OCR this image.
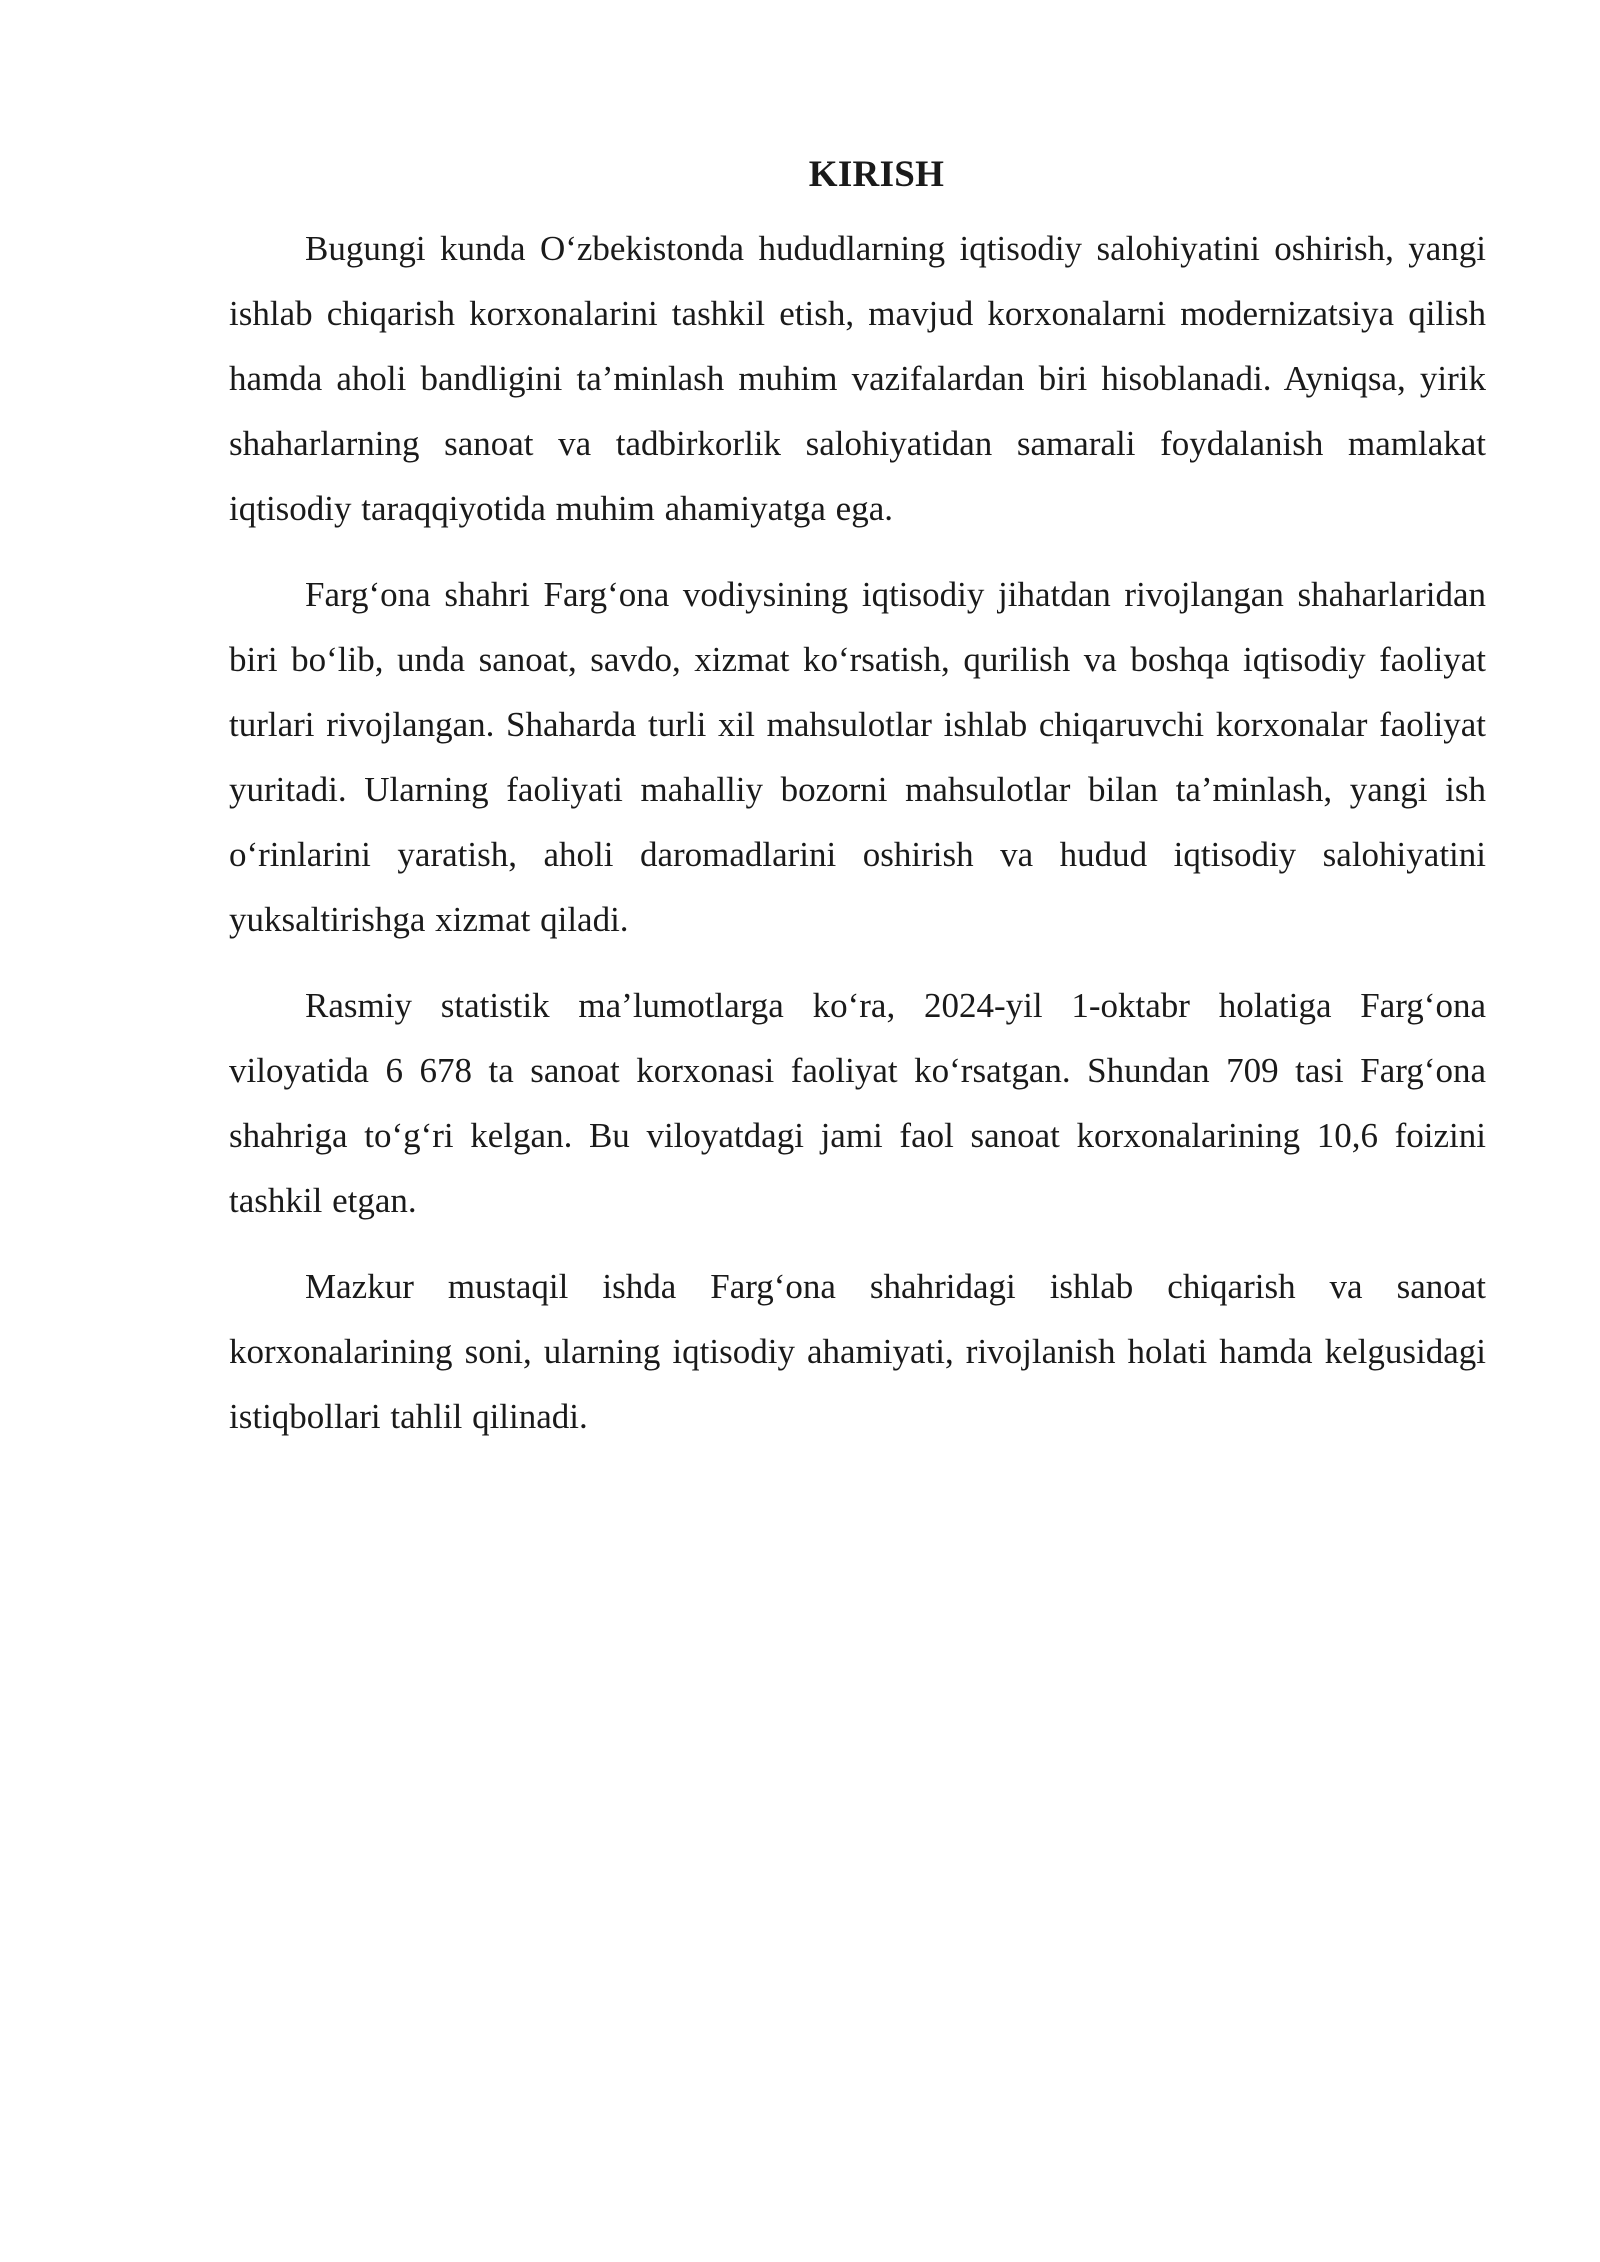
KIRISH

Bugungi kunda O‘zbekistonda hududlarning iqtisodiy salohiyatini oshirish, yangi ishlab chiqarish korxonalarini tashkil etish, mavjud korxonalarni modernizatsiya qilish hamda aholi bandligini ta’minlash muhim vazifalardan biri hisoblanadi. Ayniqsa, yirik shaharlarning sanoat va tadbirkorlik salohiyatidan samarali foydalanish mamlakat iqtisodiy taraqqiyotida muhim ahamiyatga ega.

Farg‘ona shahri Farg‘ona vodiysining iqtisodiy jihatdan rivojlangan shaharlaridan biri bo‘lib, unda sanoat, savdo, xizmat ko‘rsatish, qurilish va boshqa iqtisodiy faoliyat turlari rivojlangan. Shaharda turli xil mahsulotlar ishlab chiqaruvchi korxonalar faoliyat yuritadi. Ularning faoliyati mahalliy bozorni mahsulotlar bilan ta’minlash, yangi ish o‘rinlarini yaratish, aholi daromadlarini oshirish va hudud iqtisodiy salohiyatini yuksaltirishga xizmat qiladi.

Rasmiy statistik ma’lumotlarga ko‘ra, 2024-yil 1-oktabr holatiga Farg‘ona viloyatida 6 678 ta sanoat korxonasi faoliyat ko‘rsatgan. Shundan 709 tasi Farg‘ona shahriga to‘g‘ri kelgan. Bu viloyatdagi jami faol sanoat korxonalarining 10,6 foizini tashkil etgan.

Mazkur mustaqil ishda Farg‘ona shahridagi ishlab chiqarish va sanoat korxonalarining soni, ularning iqtisodiy ahamiyati, rivojlanish holati hamda kelgusidagi istiqbollari tahlil qilinadi.
